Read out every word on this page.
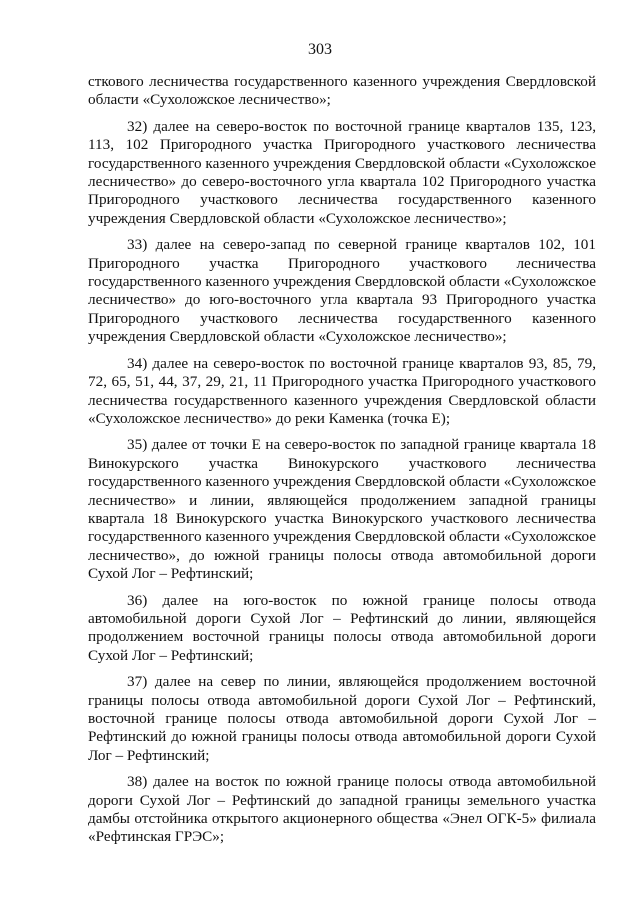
303

сткового лесничества государственного казенного учреждения Свердловской области «Сухоложское лесничество»;

32) далее на северо-восток по восточной границе кварталов 135, 123, 113, 102 Пригородного участка Пригородного участкового лесничества государственного казенного учреждения Свердловской области «Сухоложское лесничество» до северо-восточного угла квартала 102 Пригородного участка Пригородного участкового лесничества государственного казенного учреждения Свердловской области «Сухоложское лесничество»;

33) далее на северо-запад по северной границе кварталов 102, 101 Пригородного участка Пригородного участкового лесничества государственного казенного учреждения Свердловской области «Сухоложское лесничество» до юго-восточного угла квартала 93 Пригородного участка Пригородного участкового лесничества государственного казенного учреждения Свердловской области «Сухоложское лесничество»;

34) далее на северо-восток по восточной границе кварталов 93, 85, 79, 72, 65, 51, 44, 37, 29, 21, 11 Пригородного участка Пригородного участкового лесничества государственного казенного учреждения Свердловской области «Сухоложское лесничество» до реки Каменка (точка Е);

35) далее от точки Е на северо-восток по западной границе квартала 18 Винокурского участка Винокурского участкового лесничества государственного казенного учреждения Свердловской области «Сухоложское лесничество» и линии, являющейся продолжением западной границы квартала 18 Винокурского участка Винокурского участкового лесничества государственного казенного учреждения Свердловской области «Сухоложское лесничество», до южной границы полосы отвода автомобильной дороги Сухой Лог – Рефтинский;

36) далее на юго-восток по южной границе полосы отвода автомобильной дороги Сухой Лог – Рефтинский до линии, являющейся продолжением восточной границы полосы отвода автомобильной дороги Сухой Лог – Рефтинский;

37) далее на север по линии, являющейся продолжением восточной границы полосы отвода автомобильной дороги Сухой Лог – Рефтинский, восточной границе полосы отвода автомобильной дороги Сухой Лог – Рефтинский до южной границы полосы отвода автомобильной дороги Сухой Лог – Рефтинский;

38) далее на восток по южной границе полосы отвода автомобильной дороги Сухой Лог – Рефтинский до западной границы земельного участка дамбы отстойника открытого акционерного общества «Энел ОГК-5» филиала «Рефтинская ГРЭС»;
